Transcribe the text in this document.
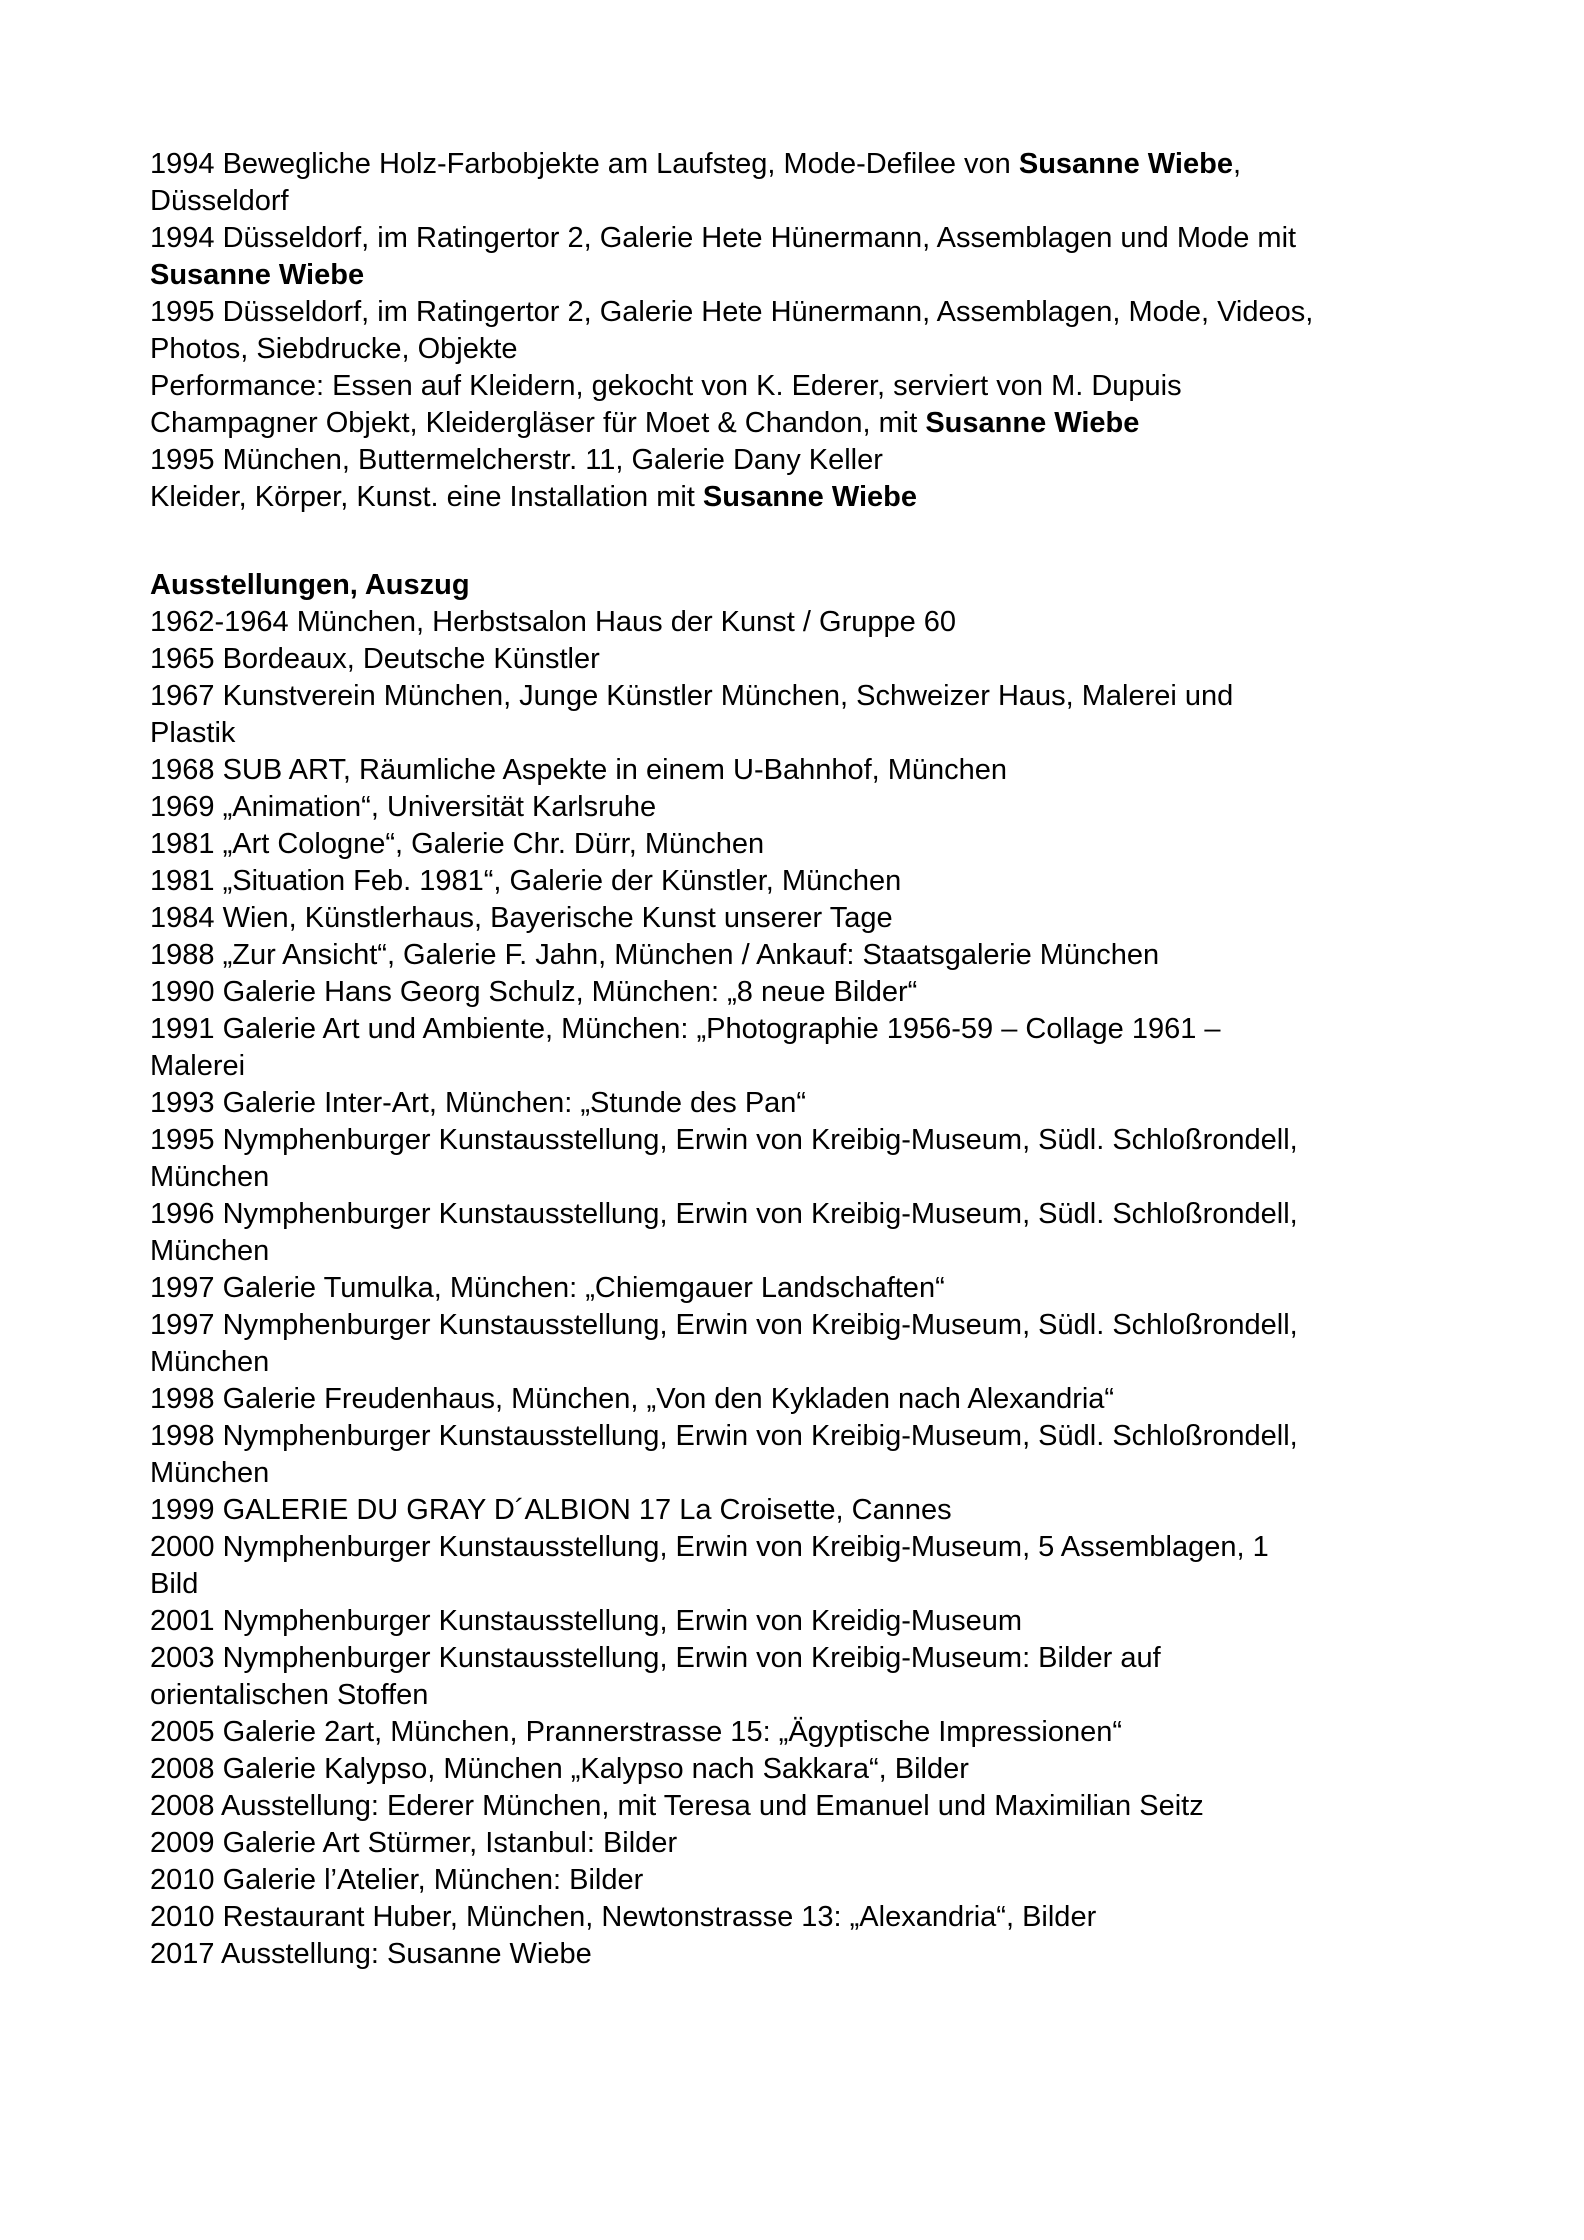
1994 Bewegliche Holz-Farbobjekte am Laufsteg, Mode-Defilee von Susanne Wiebe,
Düsseldorf
1994 Düsseldorf, im Ratingertor 2, Galerie Hete Hünermann, Assemblagen und Mode mit
Susanne Wiebe
1995 Düsseldorf, im Ratingertor 2, Galerie Hete Hünermann, Assemblagen, Mode, Videos,
Photos, Siebdrucke, Objekte
Performance: Essen auf Kleidern, gekocht von K. Ederer, serviert von M. Dupuis
Champagner Objekt, Kleidergläser für Moet & Chandon, mit Susanne Wiebe
1995 München, Buttermelcherstr. 11, Galerie Dany Keller
Kleider, Körper, Kunst. eine Installation mit Susanne Wiebe
Ausstellungen, Auszug
1962-1964 München, Herbstsalon Haus der Kunst / Gruppe 60
1965 Bordeaux, Deutsche Künstler
1967 Kunstverein München, Junge Künstler München, Schweizer Haus, Malerei und
Plastik
1968 SUB ART, Räumliche Aspekte in einem U-Bahnhof, München
1969 „Animation“, Universität Karlsruhe
1981 „Art Cologne“, Galerie Chr. Dürr, München
1981 „Situation Feb. 1981“, Galerie der Künstler, München
1984 Wien, Künstlerhaus, Bayerische Kunst unserer Tage
1988 „Zur Ansicht“, Galerie F. Jahn, München / Ankauf: Staatsgalerie München
1990 Galerie Hans Georg Schulz, München: „8 neue Bilder“
1991 Galerie Art und Ambiente, München: „Photographie 1956-59 – Collage 1961 –
Malerei
1993 Galerie Inter-Art, München: „Stunde des Pan“
1995 Nymphenburger Kunstausstellung, Erwin von Kreibig-Museum, Südl. Schloßrondell,
München
1996 Nymphenburger Kunstausstellung, Erwin von Kreibig-Museum, Südl. Schloßrondell,
München
1997 Galerie Tumulka, München: „Chiemgauer Landschaften“
1997 Nymphenburger Kunstausstellung, Erwin von Kreibig-Museum, Südl. Schloßrondell,
München
1998 Galerie Freudenhaus, München, „Von den Kykladen nach Alexandria“
1998 Nymphenburger Kunstausstellung, Erwin von Kreibig-Museum, Südl. Schloßrondell,
München
1999 GALERIE DU GRAY D´ALBION 17 La Croisette, Cannes
2000 Nymphenburger Kunstausstellung, Erwin von Kreibig-Museum, 5 Assemblagen, 1
Bild
2001 Nymphenburger Kunstausstellung, Erwin von Kreidig-Museum
2003 Nymphenburger Kunstausstellung, Erwin von Kreibig-Museum: Bilder auf
orientalischen Stoffen
2005 Galerie 2art, München, Prannerstrasse 15: „Ägyptische Impressionen“
2008 Galerie Kalypso, München „Kalypso nach Sakkara“, Bilder
2008 Ausstellung: Ederer München, mit Teresa und Emanuel und Maximilian Seitz
2009 Galerie Art Stürmer, Istanbul: Bilder
2010 Galerie l’Atelier, München: Bilder
2010 Restaurant Huber, München, Newtonstrasse 13: „Alexandria“, Bilder
2017 Ausstellung: Susanne Wiebe
